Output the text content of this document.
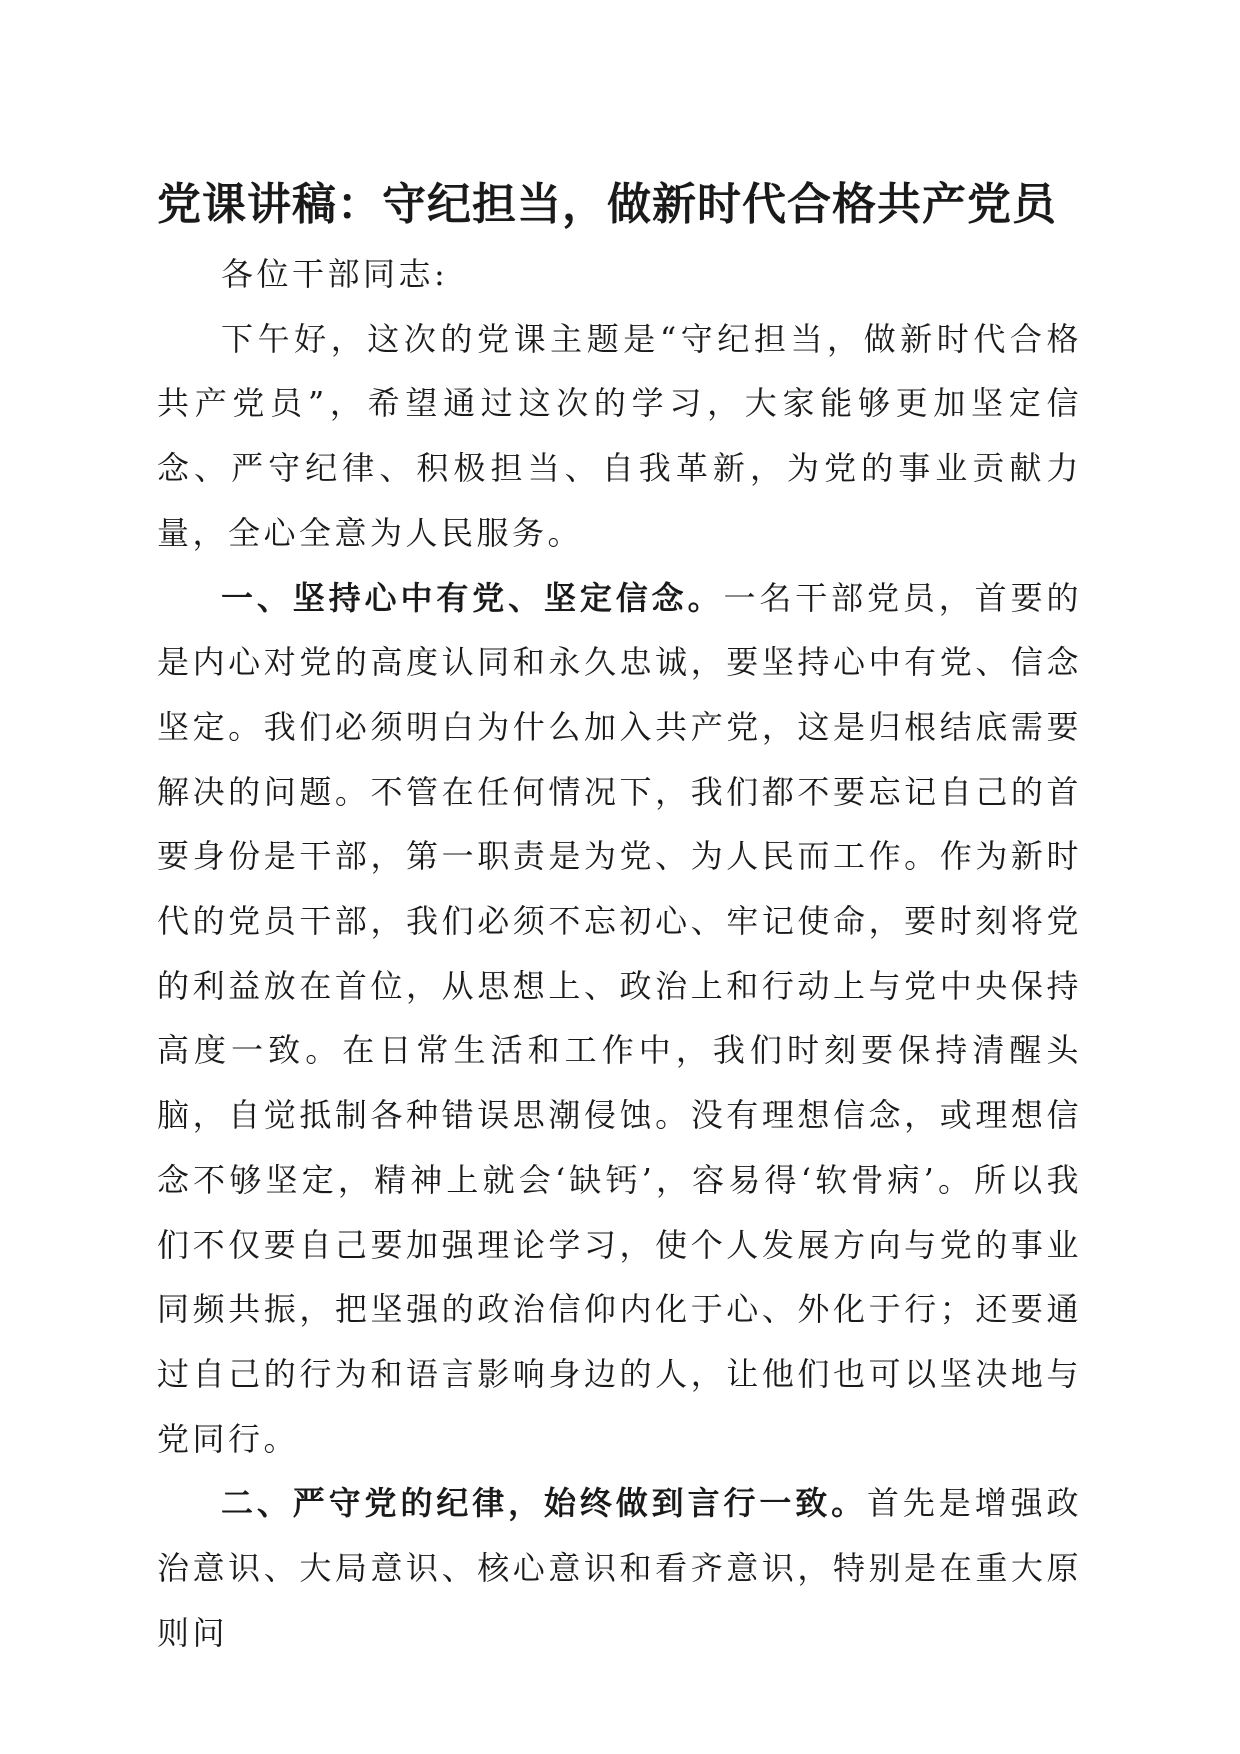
党课讲稿：守纪担当，做新时代合格共产党员

各位干部同志:

下午好，这次的党课主题是“守纪担当，做新时代合格共产党员”，希望通过这次的学习，大家能够更加坚定信念、严守纪律、积极担当、自我革新，为党的事业贡献力量，全心全意为人民服务。

一、坚持心中有党、坚定信念。一名干部党员，首要的是内心对党的高度认同和永久忠诚，要坚持心中有党、信念坚定。我们必须明白为什么加入共产党，这是归根结底需要解决的问题。不管在任何情况下，我们都不要忘记自己的首要身份是干部，第一职责是为党、为人民而工作。作为新时代的党员干部，我们必须不忘初心、牢记使命，要时刻将党的利益放在首位，从思想上、政治上和行动上与党中央保持高度一致。在日常生活和工作中，我们时刻要保持清醒头脑，自觉抵制各种错误思潮侵蚀。没有理想信念，或理想信念不够坚定，精神上就会‘缺钙’，容易得‘软骨病’。所以我们不仅要自己要加强理论学习，使个人发展方向与党的事业同频共振，把坚强的政治信仰内化于心、外化于行；还要通过自己的行为和语言影响身边的人，让他们也可以坚决地与党同行。

二、严守党的纪律，始终做到言行一致。首先是增强政治意识、大局意识、核心意识和看齐意识，特别是在重大原则问
